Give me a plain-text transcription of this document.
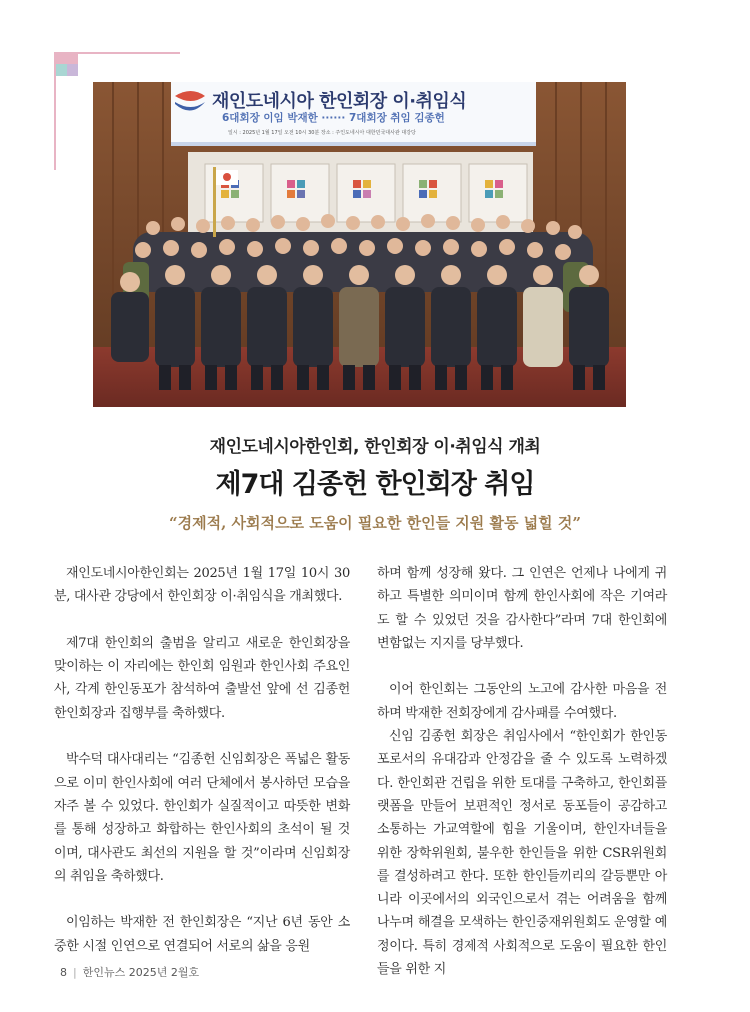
재인도네시아 한인회장 이·취임식
6대회장 이임 박재한 ······ 7대회장 취임 김종헌
일시 : 2025년 1월 17일 오전 10시 30분 장소 : 주인도네시아 대한민국대사관 대강당
재인도네시아한인회, 한인회장 이·취임식 개최
제7대 김종헌 한인회장 취임
“경제적, 사회적으로 도움이 필요한 한인들 지원 활동 넓힐 것”

재인도네시아한인회는 2025년 1월 17일 10시 30분, 대사관 강당에서 한인회장 이·취임식을 개최했다.

제7대 한인회의 출범을 알리고 새로운 한인회장을 맞이하는 이 자리에는 한인회 임원과 한인사회 주요인사, 각계 한인동포가 참석하여 출발선 앞에 선 김종헌 한인회장과 집행부를 축하했다.

박수덕 대사대리는 “김종헌 신임회장은 폭넓은 활동으로 이미 한인사회에 여러 단체에서 봉사하던 모습을 자주 볼 수 있었다. 한인회가 실질적이고 따뜻한 변화를 통해 성장하고 화합하는 한인사회의 초석이 될 것이며, 대사관도 최선의 지원을 할 것”이라며 신임회장의 취임을 축하했다.

이임하는 박재한 전 한인회장은 “지난 6년 동안 소중한 시절 인연으로 연결되어 서로의 삶을 응원

하며 함께 성장해 왔다. 그 인연은 언제나 나에게 귀하고 특별한 의미이며 함께 한인사회에 작은 기여라도 할 수 있었던 것을 감사한다”라며 7대 한인회에 변함없는 지지를 당부했다.

이어 한인회는 그동안의 노고에 감사한 마음을 전하며 박재한 전회장에게 감사패를 수여했다.

신임 김종헌 회장은 취임사에서 “한인회가 한인동포로서의 유대감과 안정감을 줄 수 있도록 노력하겠다. 한인회관 건립을 위한 토대를 구축하고, 한인회플랫폼을 만들어 보편적인 정서로 동포들이 공감하고 소통하는 가교역할에 힘을 기울이며, 한인자녀들을 위한 장학위원회, 불우한 한인들을 위한 CSR위원회를 결성하려고 한다. 또한 한인들끼리의 갈등뿐만 아니라 이곳에서의 외국인으로서 겪는 어려움을 함께 나누며 해결을 모색하는 한인중재위원회도 운영할 예정이다. 특히 경제적 사회적으로 도움이 필요한 한인들을 위한 지

8 | 한인뉴스 2025년 2월호
